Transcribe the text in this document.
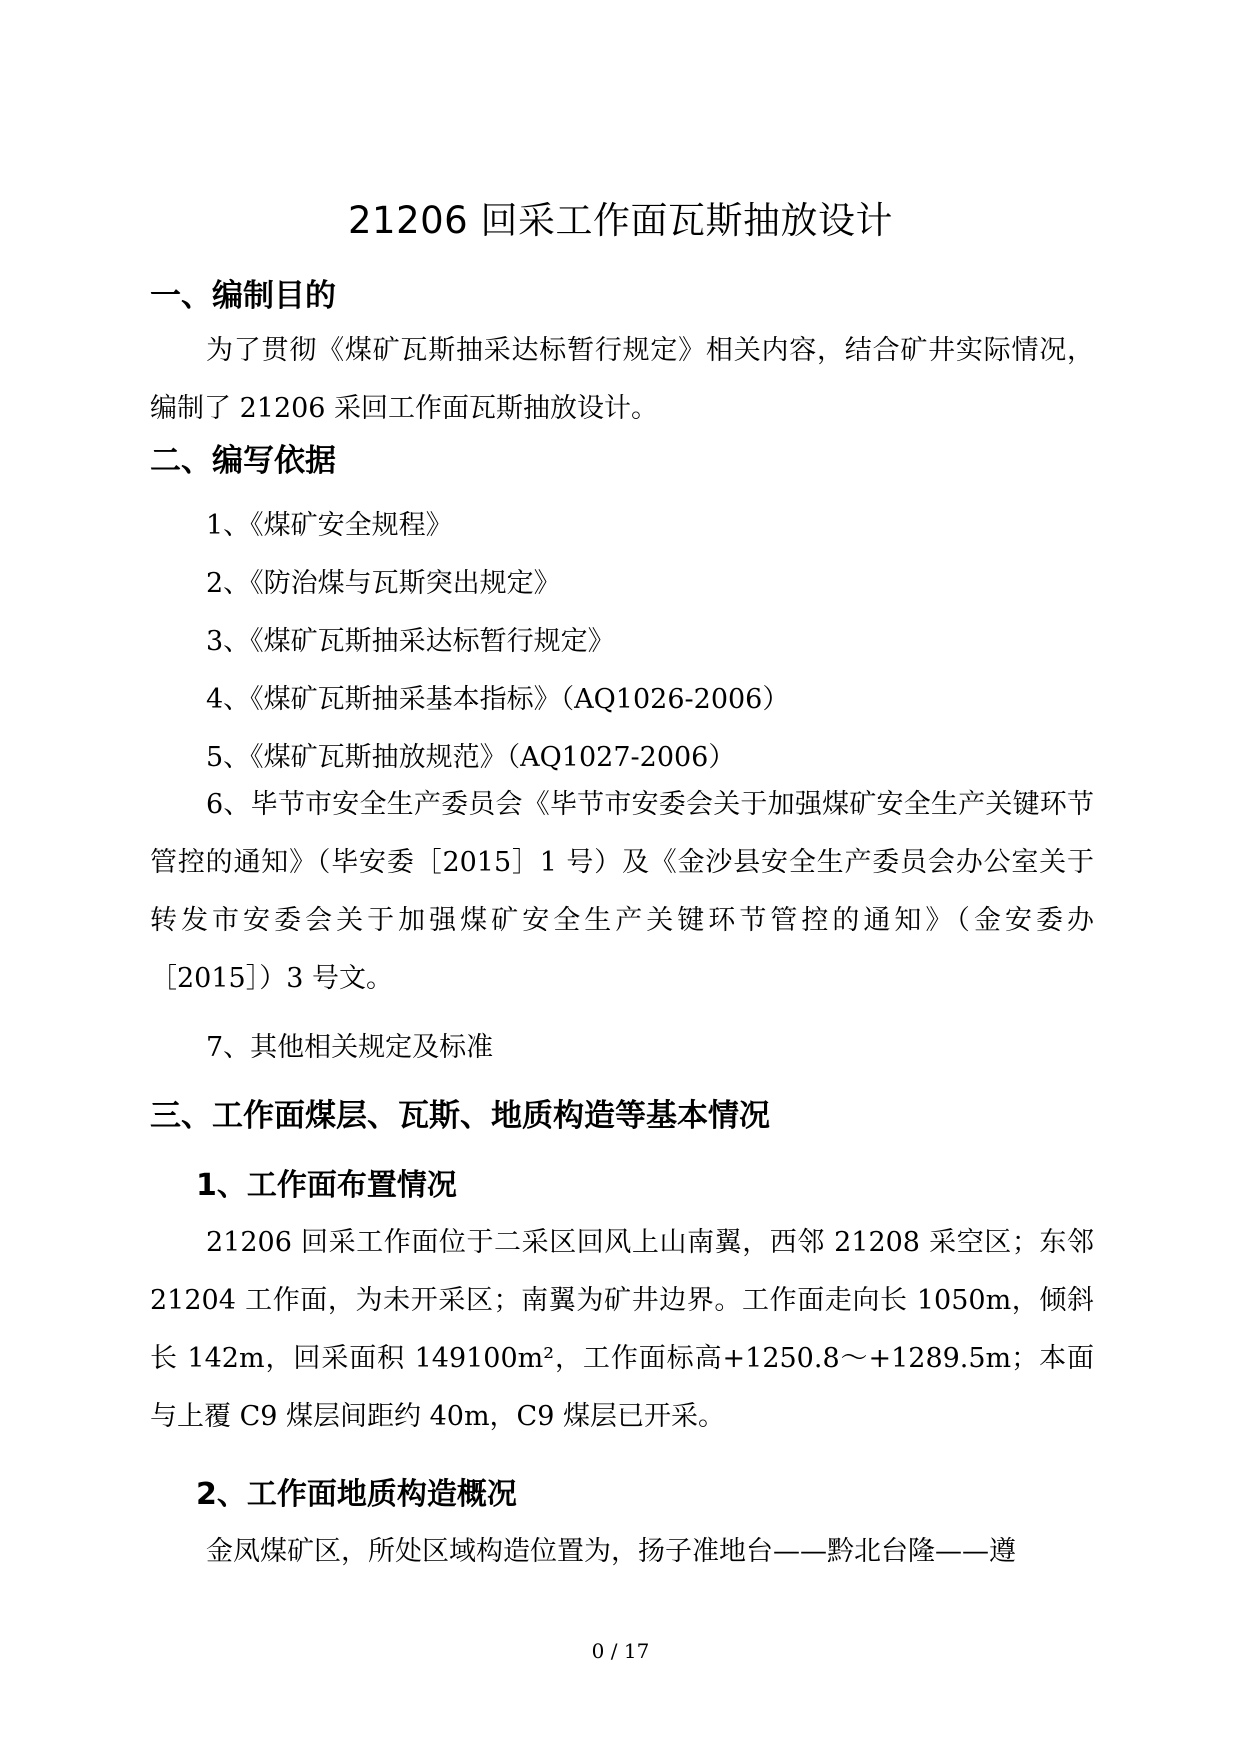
21206 回采工作面瓦斯抽放设计
一、编制目的
为了贯彻《煤矿瓦斯抽采达标暂行规定》相关内容，结合矿井实际情况，编制了 21206 采回工作面瓦斯抽放设计。
二、编写依据
1、《煤矿安全规程》
2、《防治煤与瓦斯突出规定》
3、《煤矿瓦斯抽采达标暂行规定》
4、《煤矿瓦斯抽采基本指标》（AQ1026-2006）
5、《煤矿瓦斯抽放规范》（AQ1027-2006）
6、毕节市安全生产委员会《毕节市安委会关于加强煤矿安全生产关键环节管控的通知》（毕安委［2015］1 号）及《金沙县安全生产委员会办公室关于转发市安委会关于加强煤矿安全生产关键环节管控的通知》（金安委办［2015］）3 号文。
7、其他相关规定及标准
三、工作面煤层、瓦斯、地质构造等基本情况
1、工作面布置情况
21206 回采工作面位于二采区回风上山南翼，西邻 21208 采空区；东邻 21204 工作面，为未开采区；南翼为矿井边界。工作面走向长 1050m，倾斜长 142m，回采面积 149100m²，工作面标高+1250.8～+1289.5m；本面与上覆 C9 煤层间距约 40m，C9 煤层已开采。
2、工作面地质构造概况
金凤煤矿区，所处区域构造位置为，扬子准地台——黔北台隆——遵
0 / 17
